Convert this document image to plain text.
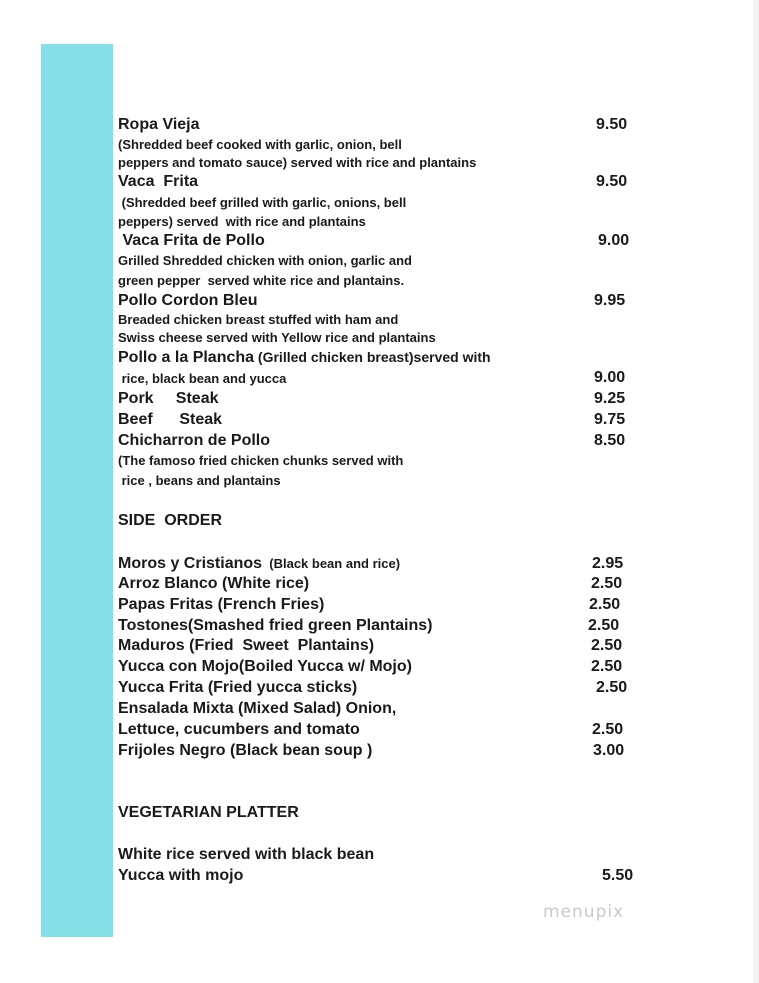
Ropa Vieja	9.50
(Shredded beef cooked with garlic, onion, bell
peppers and tomato sauce) served with rice and plantains
Vaca  Frita	9.50
(Shredded beef grilled with garlic, onions, bell
peppers) served  with rice and plantains
Vaca Frita de Pollo	9.00
Grilled Shredded chicken with onion, garlic and
green pepper  served white rice and plantains.
Pollo Cordon Bleu	9.95
Breaded chicken breast stuffed with ham and
Swiss cheese served with Yellow rice and plantains
Pollo a la Plancha (Grilled chicken breast)served with
rice, black bean and yucca	9.00
Pork     Steak	9.25
Beef      Steak	9.75
Chicharron de Pollo	8.50
(The famoso fried chicken chunks served with
rice , beans and plantains
SIDE  ORDER
Moros y Cristianos  (Black bean and rice)	2.95
Arroz Blanco (White rice)	2.50
Papas Fritas (French Fries)	2.50
Tostones(Smashed fried green Plantains)	2.50
Maduros (Fried  Sweet  Plantains)	2.50
Yucca con Mojo(Boiled Yucca w/ Mojo)	2.50
Yucca Frita (Fried yucca sticks)	2.50
Ensalada Mixta (Mixed Salad) Onion,
Lettuce, cucumbers and tomato	2.50
Frijoles Negro (Black bean soup )	3.00
VEGETARIAN PLATTER
White rice served with black bean
Yucca with mojo	5.50
menupix
